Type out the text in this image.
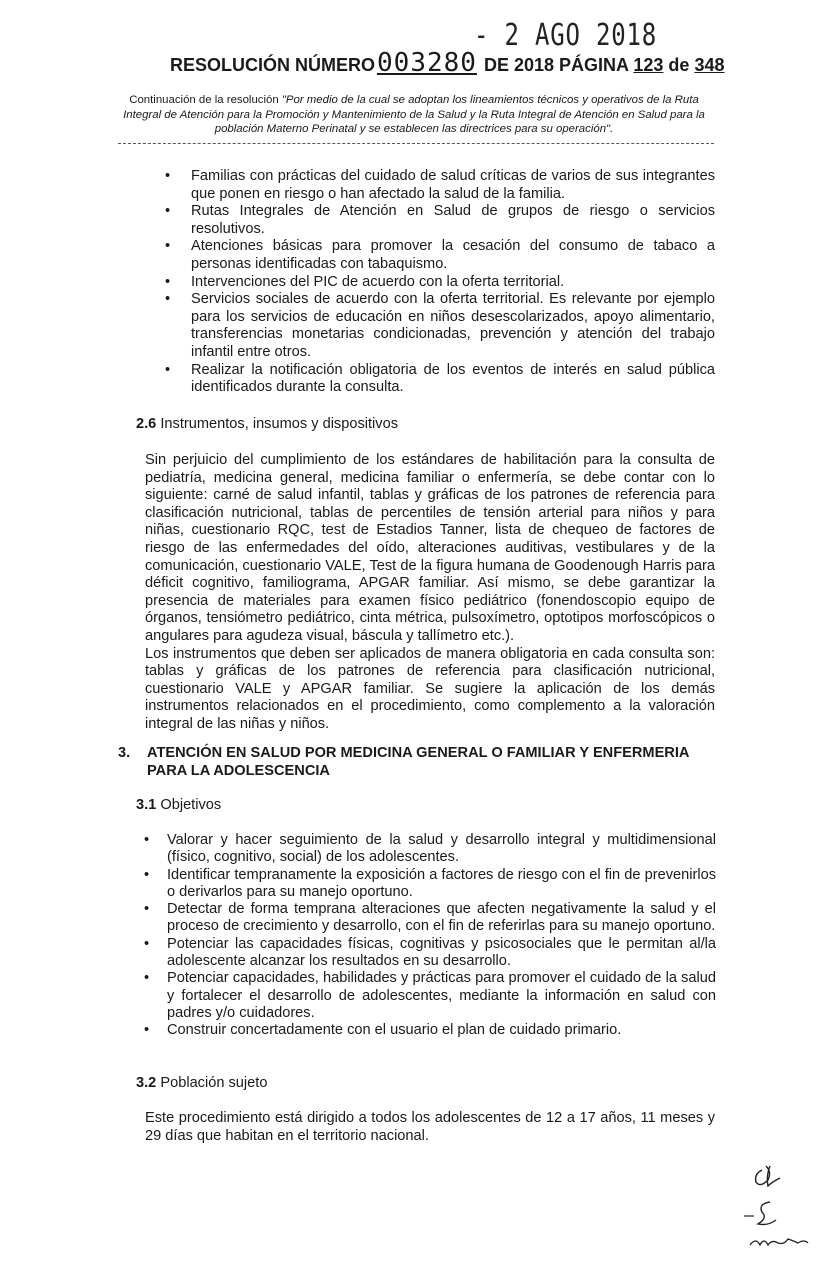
- 2 AGO 2018
RESOLUCIÓN NÚMERO003280 DE 2018 PÁGINA 123 de 348
Continuación de la resolución "Por medio de la cual se adoptan los lineamientos técnicos y operativos de la Ruta Integral de Atención para la Promoción y Mantenimiento de la Salud y la Ruta Integral de Atención en Salud para la población Materno Perinatal y se establecen las directrices para su operación".
• Familias con prácticas del cuidado de salud críticas de varios de sus integrantes que ponen en riesgo o han afectado la salud de la familia.
• Rutas Integrales de Atención en Salud de grupos de riesgo o servicios resolutivos.
• Atenciones básicas para promover la cesación del consumo de tabaco a personas identificadas con tabaquismo.
• Intervenciones del PIC de acuerdo con la oferta territorial.
• Servicios sociales de acuerdo con la oferta territorial. Es relevante por ejemplo para los servicios de educación en niños desescolarizados, apoyo alimentario, transferencias monetarias condicionadas, prevención y atención del trabajo infantil entre otros.
• Realizar la notificación obligatoria de los eventos de interés en salud pública identificados durante la consulta.
2.6 Instrumentos, insumos y dispositivos
Sin perjuicio del cumplimiento de los estándares de habilitación para la consulta de pediatría, medicina general, medicina familiar o enfermería, se debe contar con lo siguiente: carné de salud infantil, tablas y gráficas de los patrones de referencia para clasificación nutricional, tablas de percentiles de tensión arterial para niños y para niñas, cuestionario RQC, test de Estadios Tanner, lista de chequeo de factores de riesgo de las enfermedades del oído, alteraciones auditivas, vestibulares y de la comunicación, cuestionario VALE, Test de la figura humana de Goodenough Harris para déficit cognitivo, familiograma, APGAR familiar. Así mismo, se debe garantizar la presencia de materiales para examen físico pediátrico (fonendoscopio equipo de órganos, tensiómetro pediátrico, cinta métrica, pulsoxímetro, optotipos morfoscópicos o angulares para agudeza visual, báscula y tallímetro etc.).
Los instrumentos que deben ser aplicados de manera obligatoria en cada consulta son: tablas y gráficas de los patrones de referencia para clasificación nutricional, cuestionario VALE y APGAR familiar. Se sugiere la aplicación de los demás instrumentos relacionados en el procedimiento, como complemento a la valoración integral de las niñas y niños.
3.	ATENCIÓN EN SALUD POR MEDICINA GENERAL O FAMILIAR Y ENFERMERIA PARA LA ADOLESCENCIA
3.1 Objetivos
• Valorar y hacer seguimiento de la salud y desarrollo integral y multidimensional (físico, cognitivo, social) de los adolescentes.
• Identificar tempranamente la exposición a factores de riesgo con el fin de prevenirlos o derivarlos para su manejo oportuno.
• Detectar de forma temprana alteraciones que afecten negativamente la salud y el proceso de crecimiento y desarrollo, con el fin de referirlas para su manejo oportuno.
• Potenciar las capacidades físicas, cognitivas y psicosociales que le permitan al/la adolescente alcanzar los resultados en su desarrollo.
• Potenciar capacidades, habilidades y prácticas para promover el cuidado de la salud y fortalecer el desarrollo de adolescentes, mediante la información en salud con padres y/o cuidadores.
• Construir concertadamente con el usuario el plan de cuidado primario.
3.2 Población sujeto

Este procedimiento está dirigido a todos los adolescentes de 12 a 17 años, 11 meses y 29 días que habitan en el territorio nacional.
